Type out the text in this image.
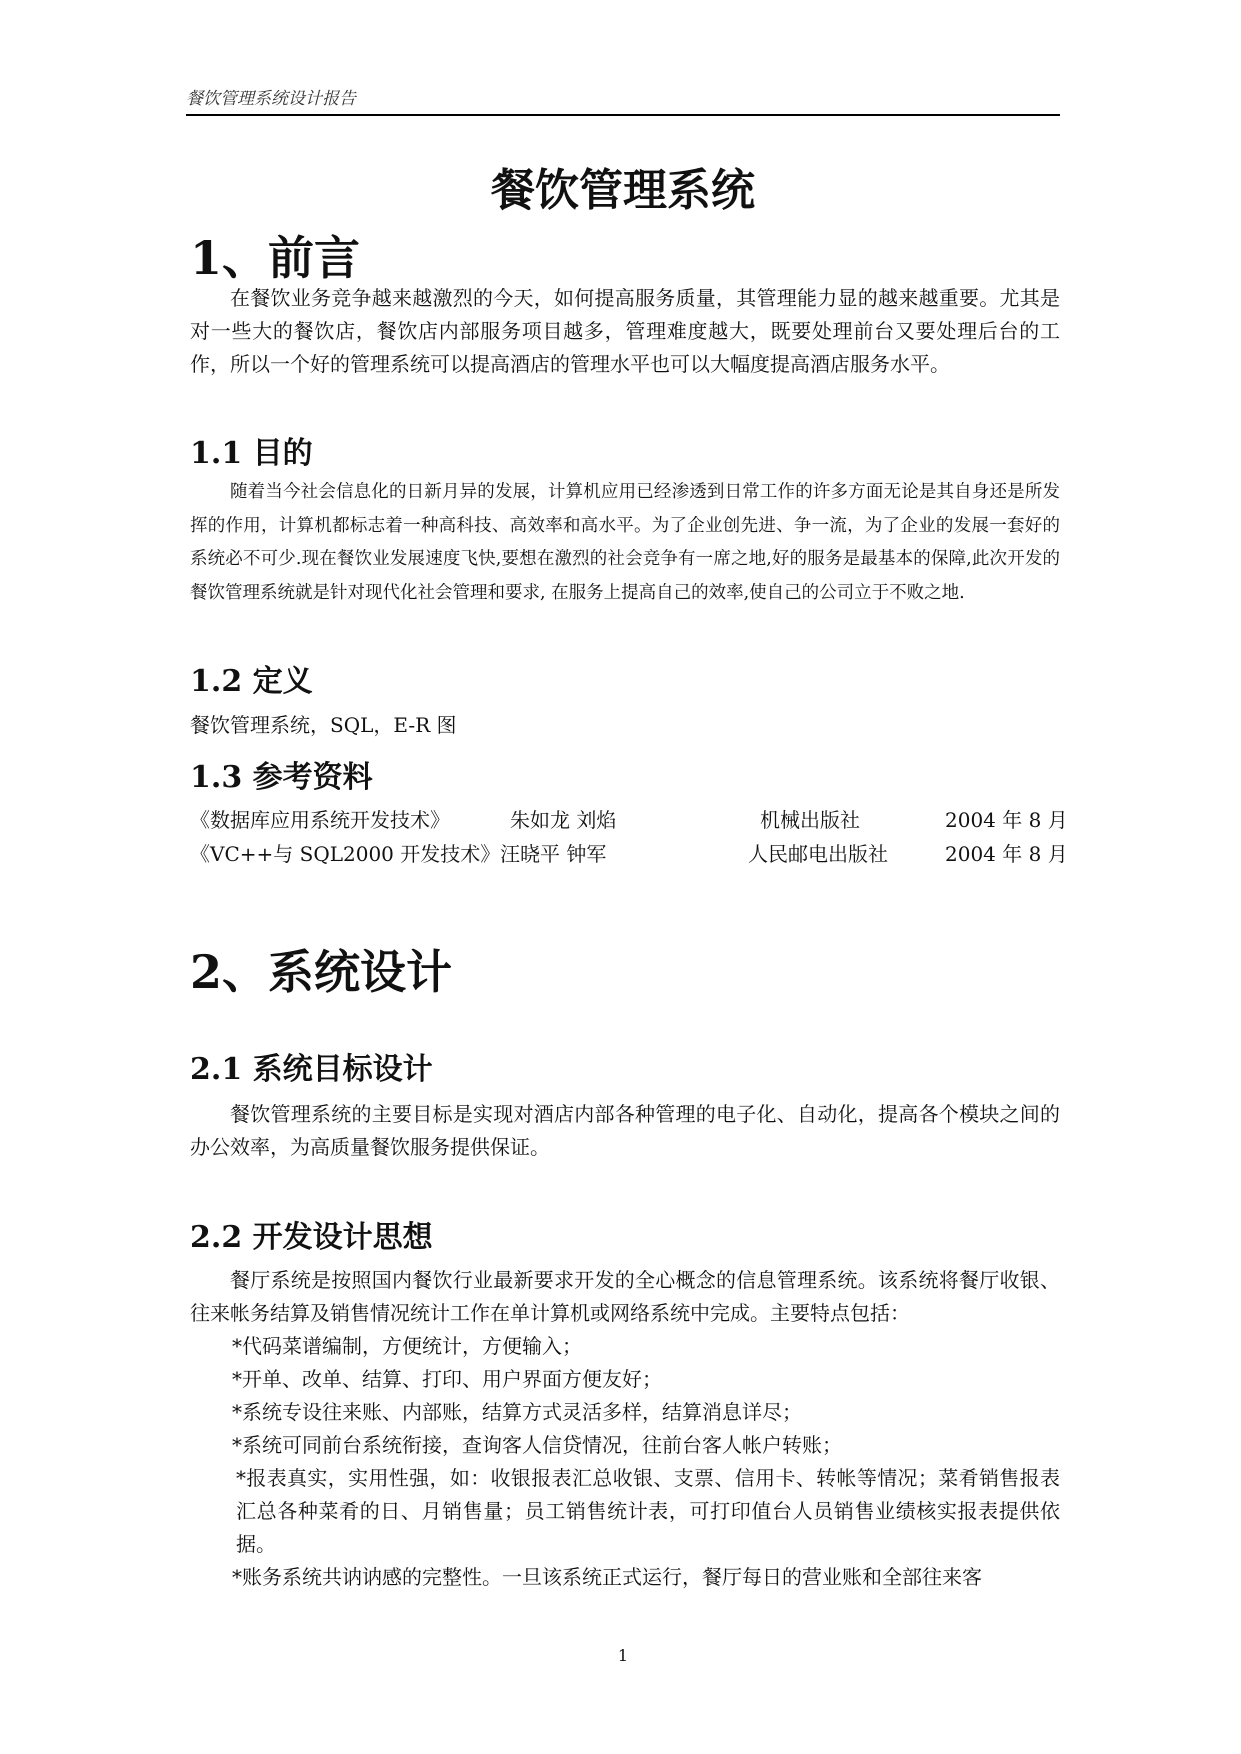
餐饮管理系统设计报告
餐饮管理系统
1、前言
在餐饮业务竞争越来越激烈的今天，如何提高服务质量，其管理能力显的越来越重要。尤其是对一些大的餐饮店，餐饮店内部服务项目越多，管理难度越大，既要处理前台又要处理后台的工作，所以一个好的管理系统可以提高酒店的管理水平也可以大幅度提高酒店服务水平。
1.1 目的
随着当今社会信息化的日新月异的发展，计算机应用已经渗透到日常工作的许多方面无论是其自身还是所发挥的作用，计算机都标志着一种高科技、高效率和高水平。为了企业创先进、争一流，为了企业的发展一套好的系统必不可少.现在餐饮业发展速度飞快,要想在激烈的社会竞争有一席之地,好的服务是最基本的保障,此次开发的餐饮管理系统就是针对现代化社会管理和要求, 在服务上提高自己的效率,使自己的公司立于不败之地.
1.2 定义
餐饮管理系统，SQL，E-R 图
1.3 参考资料
《数据库应用系统开发技术》	朱如龙 刘焰	机械出版社	2004 年 8 月
《VC++与 SQL2000 开发技术》 汪晓平 钟军	人民邮电出版社	2004 年 8 月
2、系统设计
2.1 系统目标设计
餐饮管理系统的主要目标是实现对酒店内部各种管理的电子化、自动化，提高各个模块之间的办公效率，为高质量餐饮服务提供保证。
2.2 开发设计思想
餐厅系统是按照国内餐饮行业最新要求开发的全心概念的信息管理系统。该系统将餐厅收银、往来帐务结算及销售情况统计工作在单计算机或网络系统中完成。主要特点包括：
*代码菜谱编制，方便统计，方便输入；
*开单、改单、结算、打印、用户界面方便友好；
*系统专设往来账、内部账，结算方式灵活多样，结算消息详尽；
*系统可同前台系统衔接，查询客人信贷情况，往前台客人帐户转账；
*报表真实，实用性强，如：收银报表汇总收银、支票、信用卡、转帐等情况；菜肴销售报表汇总各种菜肴的日、月销售量；员工销售统计表，可打印值台人员销售业绩核实报表提供依据。
*账务系统共讷讷感的完整性。一旦该系统正式运行，餐厅每日的营业账和全部往来客
1
